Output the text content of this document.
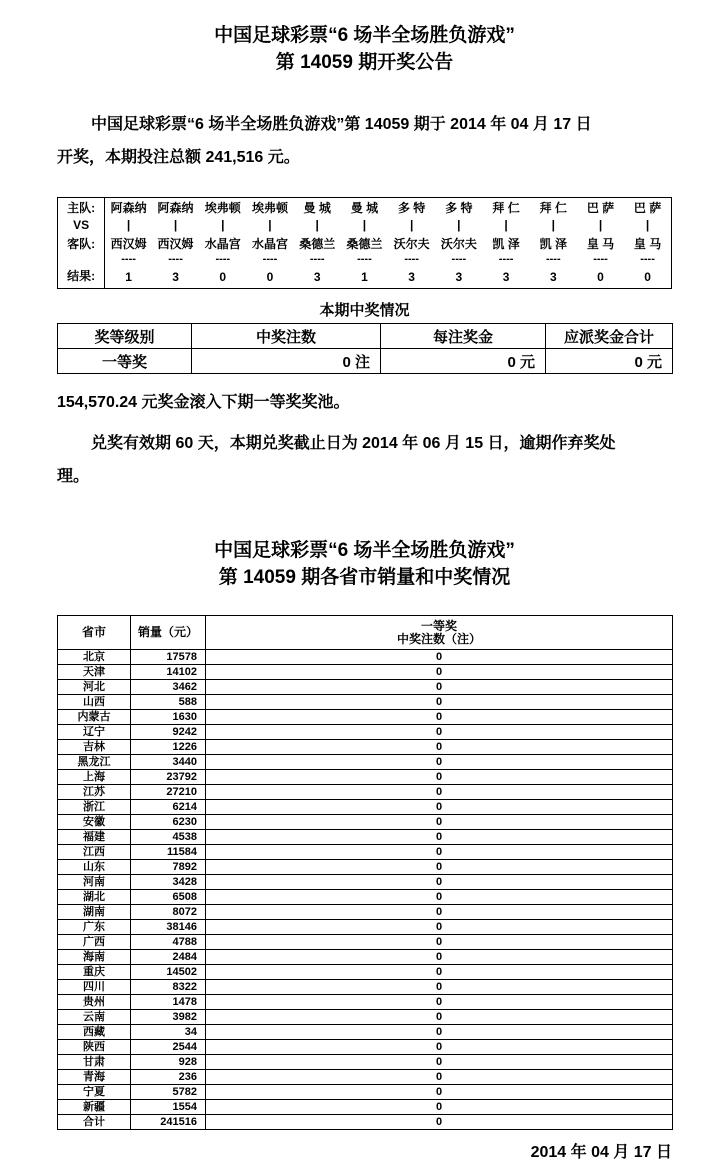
中国足球彩票“6 场半全场胜负游戏”
第 14059 期开奖公告
中国足球彩票“6 场半全场胜负游戏”第 14059 期于 2014 年 04 月 17 日
开奖，本期投注总额 241,516 元。
主队:	阿森纳	阿森纳	埃弗顿	埃弗顿	曼 城	曼 城	多 特	多 特	拜 仁	拜 仁	巴 萨	巴 萨
VS	|	|	|	|	|	|	|	|	|	|	|	|
客队:	西汉姆	西汉姆	水晶宫	水晶宫	桑德兰	桑德兰	沃尔夫	沃尔夫	凯 泽	凯 泽	皇 马	皇 马
	----	----	----	----	----	----	----	----	----	----	----	----
结果:	1	3	0	0	3	1	3	3	3	3	0	0
本期中奖情况
奖等级别	中奖注数	每注奖金	应派奖金合计
一等奖	0 注	0 元	0 元
154,570.24 元奖金滚入下期一等奖奖池。
兑奖有效期 60 天，本期兑奖截止日为 2014 年 06 月 15 日，逾期作弃奖处
理。
中国足球彩票“6 场半全场胜负游戏”
第 14059 期各省市销量和中奖情况
省市	销量（元）	一等奖
中奖注数（注）

北京	17578	0
天津	14102	0
河北	3462	0
山西	588	0
内蒙古	1630	0
辽宁	9242	0
吉林	1226	0
黑龙江	3440	0
上海	23792	0
江苏	27210	0
浙江	6214	0
安徽	6230	0
福建	4538	0
江西	11584	0
山东	7892	0
河南	3428	0
湖北	6508	0
湖南	8072	0
广东	38146	0
广西	4788	0
海南	2484	0
重庆	14502	0
四川	8322	0
贵州	1478	0
云南	3982	0
西藏	34	0
陕西	2544	0
甘肃	928	0
青海	236	0
宁夏	5782	0
新疆	1554	0
合计	241516	0
2014 年 04 月 17 日
